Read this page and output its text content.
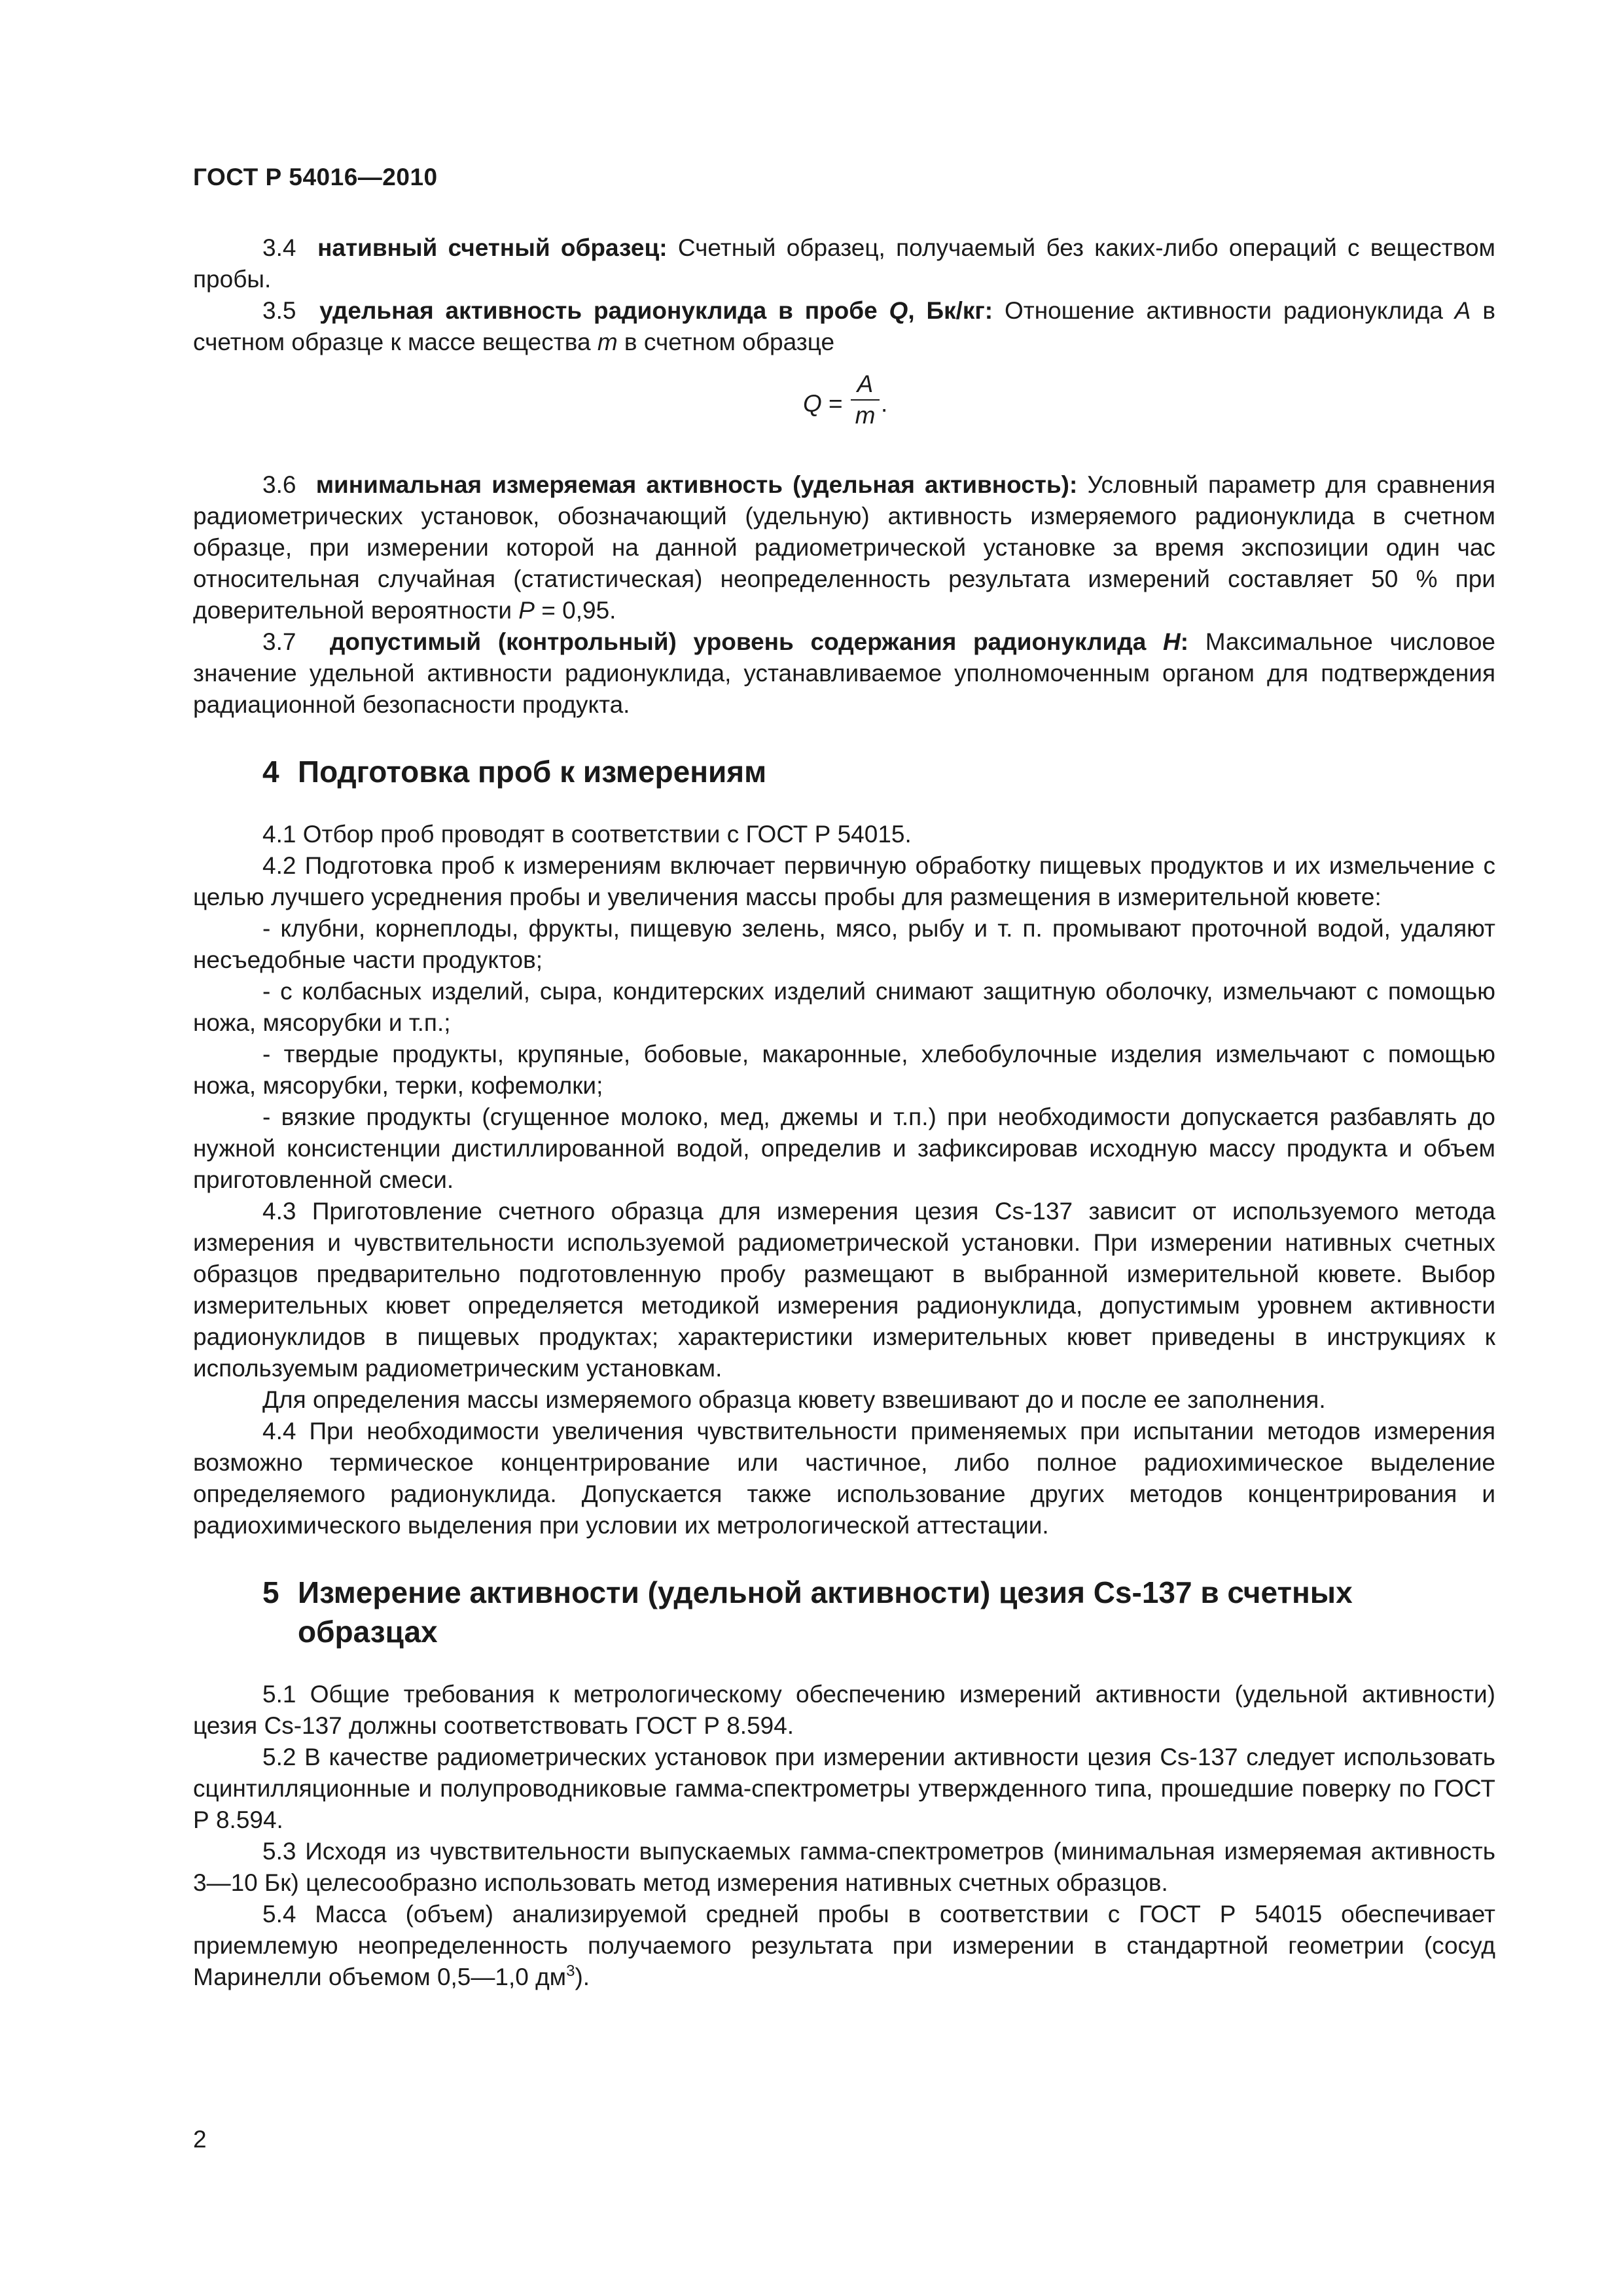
ГОСТ Р 54016—2010

3.4 нативный счетный образец: Счетный образец, получаемый без каких-либо операций с веществом пробы.

3.5 удельная активность радионуклида в пробе Q, Бк/кг: Отношение активности радионуклида A в счетном образце к массе вещества m в счетном образце

Q =
A
m .

3.6 минимальная измеряемая активность (удельная активность): Условный параметр для сравнения радиометрических установок, обозначающий (удельную) активность измеряемого радионуклида в счетном образце, при измерении которой на данной радиометрической установке за время экспозиции один час относительная случайная (статистическая) неопределенность результата измерений составляет 50 % при доверительной вероятности P = 0,95.

3.7 допустимый (контрольный) уровень содержания радионуклида H: Максимальное числовое значение удельной активности радионуклида, устанавливаемое уполномоченным органом для подтверждения радиационной безопасности продукта.

4 Подготовка проб к измерениям

4.1 Отбор проб проводят в соответствии с ГОСТ Р 54015.

4.2 Подготовка проб к измерениям включает первичную обработку пищевых продуктов и их измельчение с целью лучшего усреднения пробы и увеличения массы пробы для размещения в измерительной кювете:

- клубни, корнеплоды, фрукты, пищевую зелень, мясо, рыбу и т. п. промывают проточной водой, удаляют несъедобные части продуктов;

- с колбасных изделий, сыра, кондитерских изделий снимают защитную оболочку, измельчают с помощью ножа, мясорубки и т.п.;

- твердые продукты, крупяные, бобовые, макаронные, хлебобулочные изделия измельчают с помощью ножа, мясорубки, терки, кофемолки;

- вязкие продукты (сгущенное молоко, мед, джемы и т.п.) при необходимости допускается разбавлять до нужной консистенции дистиллированной водой, определив и зафиксировав исходную массу продукта и объем приготовленной смеси.

4.3 Приготовление счетного образца для измерения цезия Cs-137 зависит от используемого метода измерения и чувствительности используемой радиометрической установки. При измерении нативных счетных образцов предварительно подготовленную пробу размещают в выбранной измерительной кювете. Выбор измерительных кювет определяется методикой измерения радионуклида, допустимым уровнем активности радионуклидов в пищевых продуктах; характеристики измерительных кювет приведены в инструкциях к используемым радиометрическим установкам.

Для определения массы измеряемого образца кювету взвешивают до и после ее заполнения.

4.4 При необходимости увеличения чувствительности применяемых при испытании методов измерения возможно термическое концентрирование или частичное, либо полное радиохимическое выделение определяемого радионуклида. Допускается также использование других методов концентрирования и радиохимического выделения при условии их метрологической аттестации.

5 Измерение активности (удельной активности) цезия Cs-137 в счетных
образцах

5.1 Общие требования к метрологическому обеспечению измерений активности (удельной активности) цезия Cs-137 должны соответствовать ГОСТ Р 8.594.

5.2 В качестве радиометрических установок при измерении активности цезия Cs-137 следует использовать сцинтилляционные и полупроводниковые гамма-спектрометры утвержденного типа, прошедшие поверку по ГОСТ Р 8.594.

5.3 Исходя из чувствительности выпускаемых гамма-спектрометров (минимальная измеряемая активность 3—10 Бк) целесообразно использовать метод измерения нативных счетных образцов.

5.4 Масса (объем) анализируемой средней пробы в соответствии с ГОСТ Р 54015 обеспечивает приемлемую неопределенность получаемого результата при измерении в стандартной геометрии (сосуд Маринелли объемом 0,5—1,0 $дм^3$).

2
